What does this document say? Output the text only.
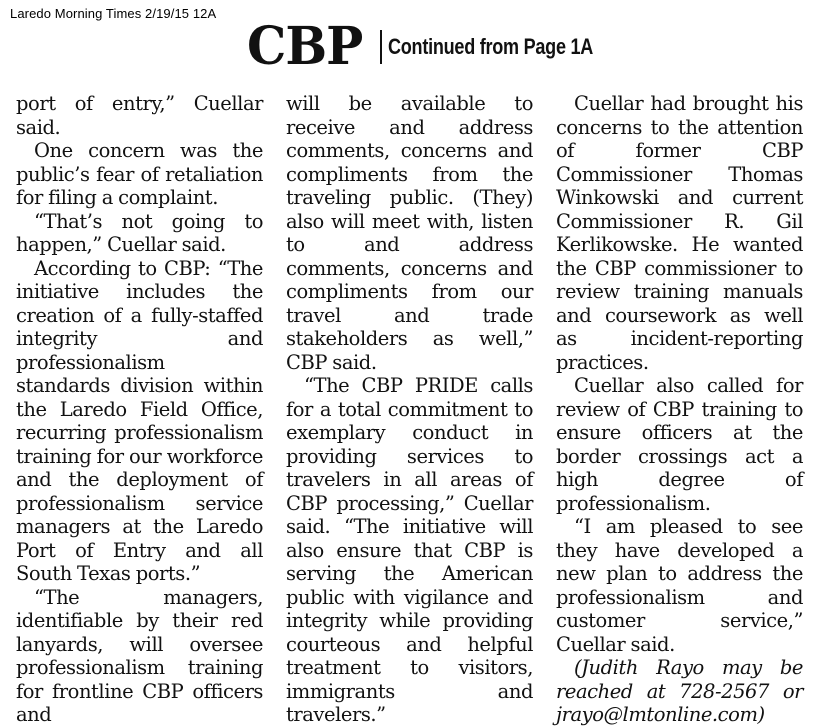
Laredo Morning Times 2/19/15 12A
CBP Continued from Page 1A

port of entry,” Cuellar said.

One concern was the public’s fear of retaliation for filing a complaint.

“That’s not going to happen,” Cuellar said.

According to CBP: “The initiative includes the creation of a fully-staffed integrity and professionalism standards division within the Laredo Field Office, recurring professionalism training for our workforce and the deployment of professionalism service managers at the Laredo Port of Entry and all South Texas ports.”

“The managers, identifiable by their red lanyards, will oversee professionalism training for frontline CBP officers and

will be available to receive and address comments, concerns and compliments from the traveling public. (They) also will meet with, listen to and address comments, concerns and compliments from our travel and trade stakeholders as well,” CBP said.

“The CBP PRIDE calls for a total commitment to exemplary conduct in providing services to travelers in all areas of CBP processing,” Cuellar said. “The initiative will also ensure that CBP is serving the American public with vigilance and integrity while providing courteous and helpful treatment to visitors, immigrants and travelers.”

Cuellar had brought his concerns to the attention of former CBP Commissioner Thomas Winkowski and current Commissioner R. Gil Kerlikowske. He wanted the CBP commissioner to review training manuals and coursework as well as incident-reporting practices.

Cuellar also called for review of CBP training to ensure officers at the border crossings act a high degree of professionalism.

“I am pleased to see they have developed a new plan to address the professionalism and customer service,” Cuellar said.

(Judith Rayo may be reached at 728-2567 or jrayo@lmtonline.com)
